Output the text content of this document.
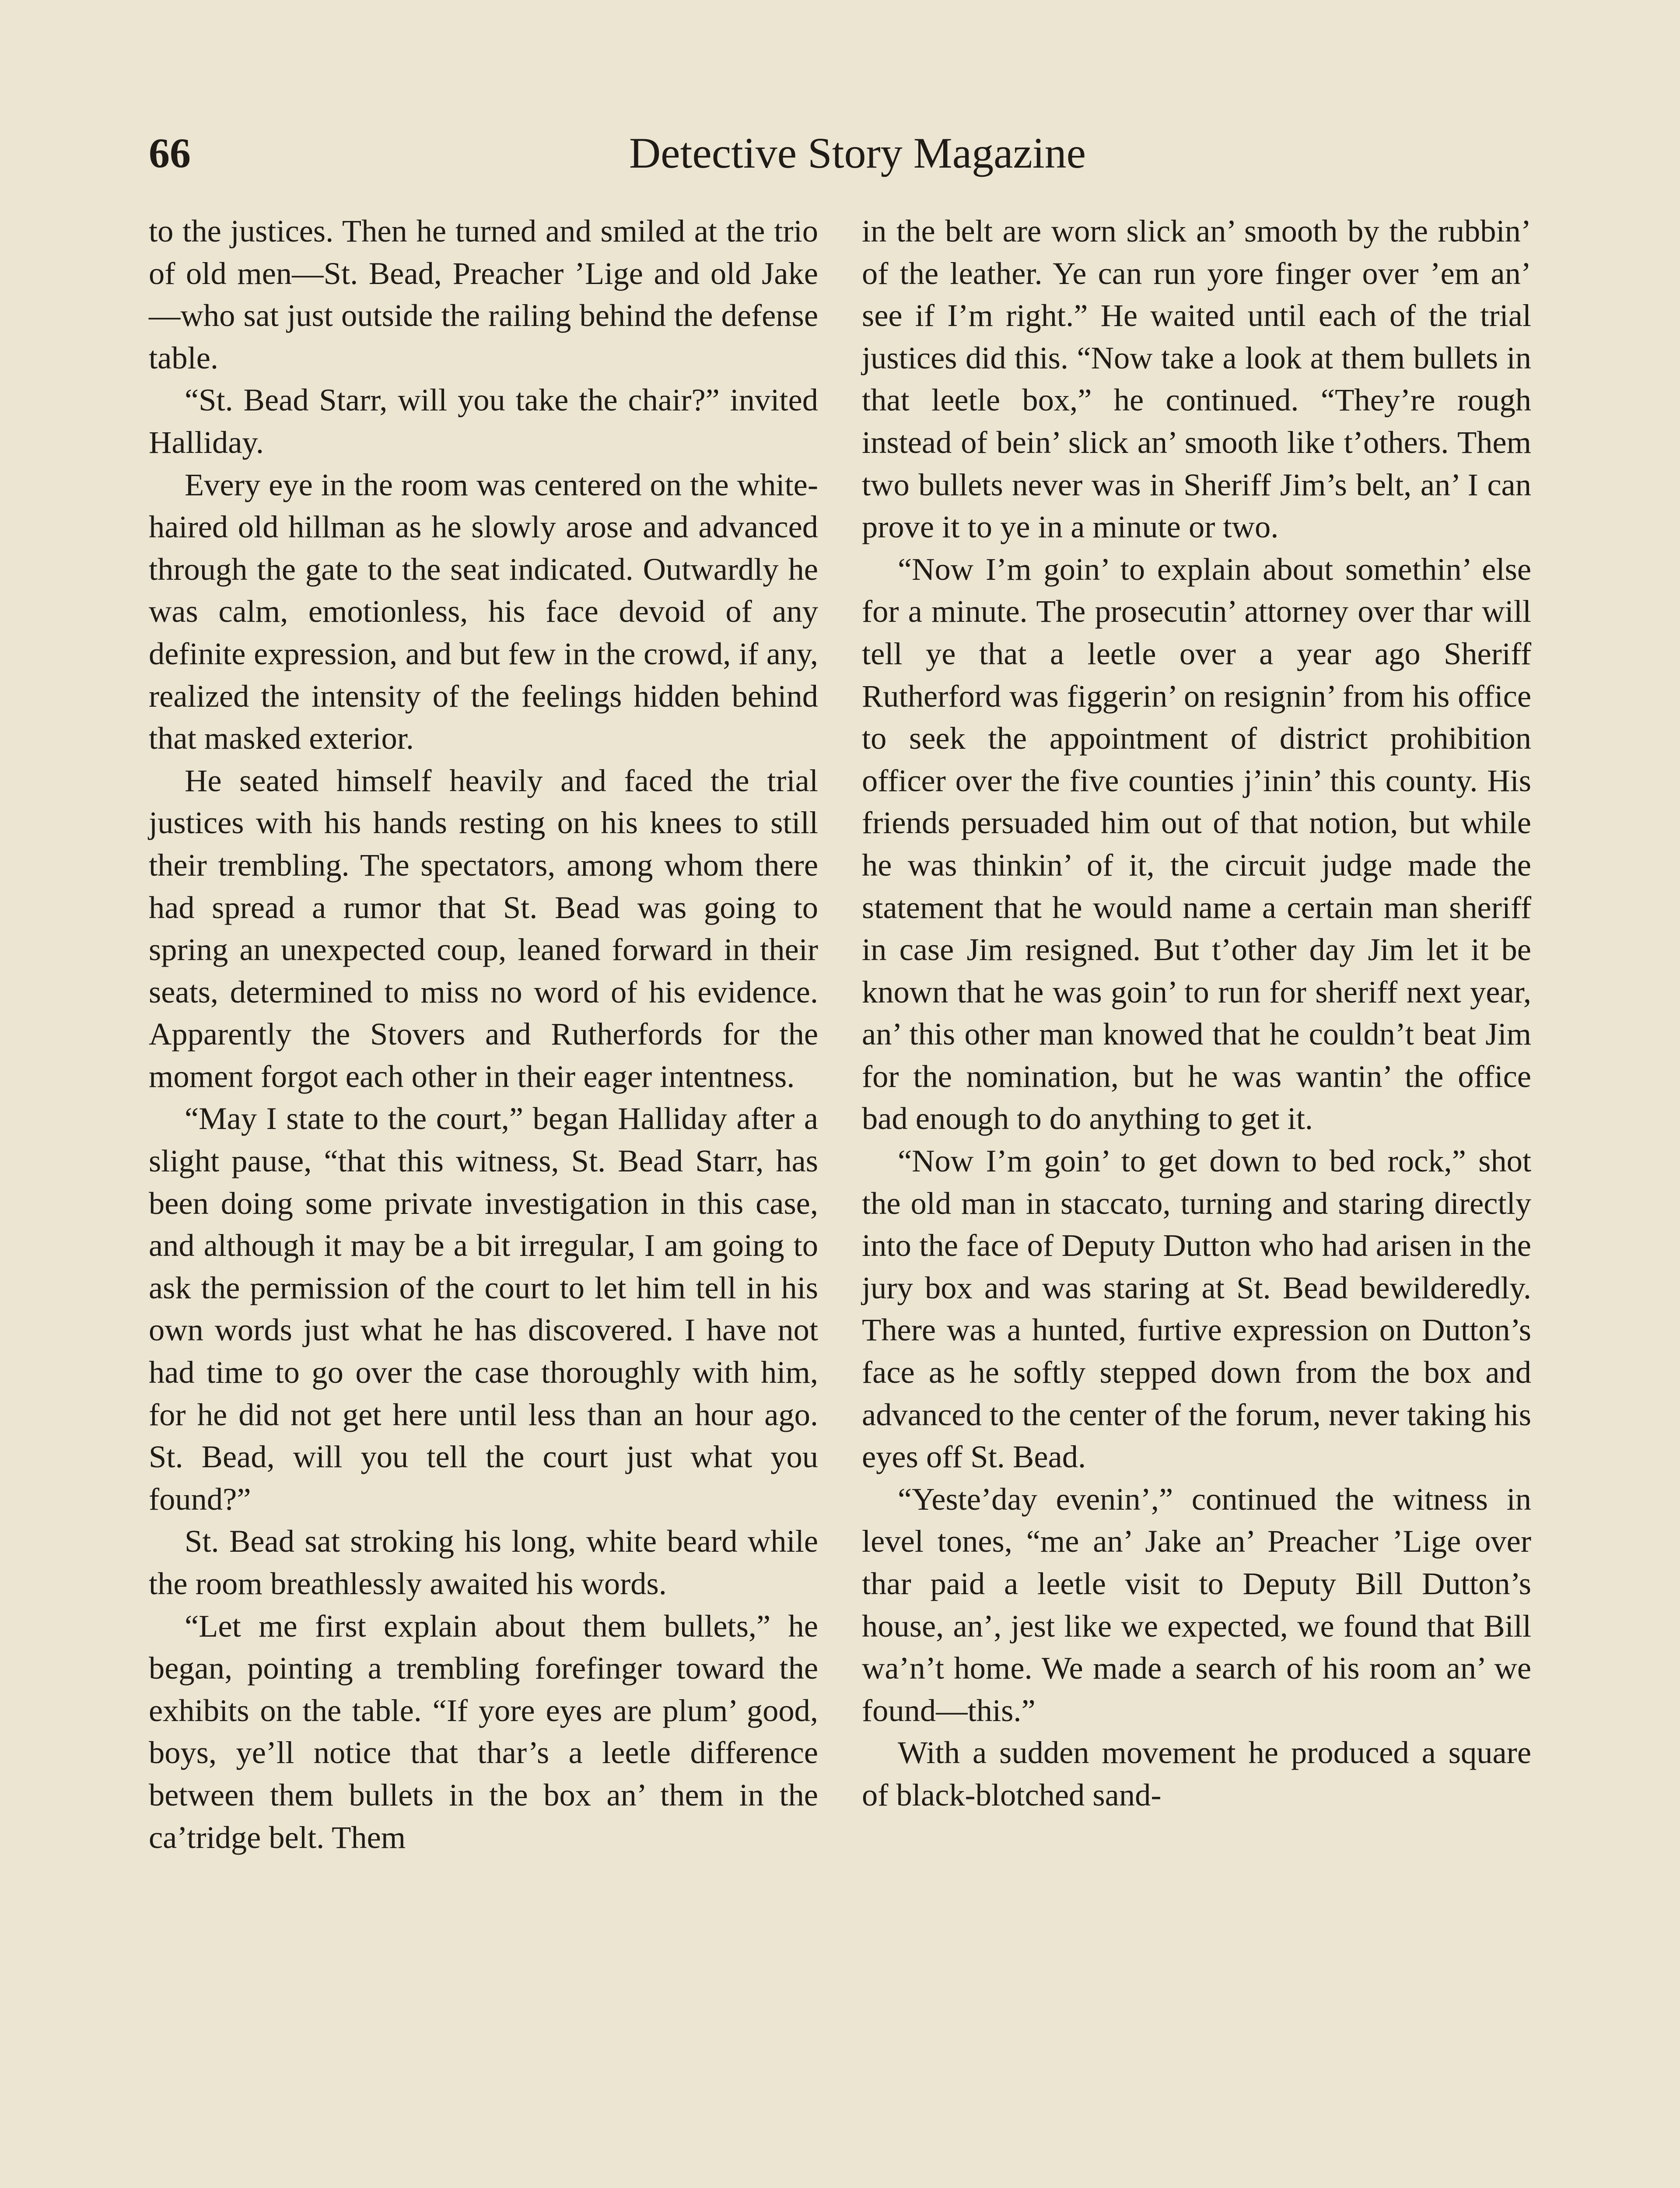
66	Detective Story Magazine

to the justices. Then he turned and smiled at the trio of old men—St. Bead, Preacher ’Lige and old Jake—who sat just outside the railing behind the defense table.

“St. Bead Starr, will you take the chair?” invited Halliday.

Every eye in the room was centered on the white-haired old hillman as he slowly arose and advanced through the gate to the seat indicated. Outwardly he was calm, emotionless, his face devoid of any definite expression, and but few in the crowd, if any, realized the intensity of the feelings hidden behind that masked exterior.

He seated himself heavily and faced the trial justices with his hands resting on his knees to still their trembling. The spectators, among whom there had spread a rumor that St. Bead was going to spring an unexpected coup, leaned forward in their seats, determined to miss no word of his evidence. Apparently the Stovers and Rutherfords for the moment forgot each other in their eager intentness.

“May I state to the court,” began Halliday after a slight pause, “that this witness, St. Bead Starr, has been doing some private investigation in this case, and although it may be a bit irregular, I am going to ask the permission of the court to let him tell in his own words just what he has discovered. I have not had time to go over the case thoroughly with him, for he did not get here until less than an hour ago. St. Bead, will you tell the court just what you found?”

St. Bead sat stroking his long, white beard while the room breathlessly awaited his words.

“Let me first explain about them bullets,” he began, pointing a trembling forefinger toward the exhibits on the table. “If yore eyes are plum’ good, boys, ye’ll notice that thar’s a leetle difference between them bullets in the box an’ them in the ca’tridge belt. Them

in the belt are worn slick an’ smooth by the rubbin’ of the leather. Ye can run yore finger over ’em an’ see if I’m right.” He waited until each of the trial justices did this. “Now take a look at them bullets in that leetle box,” he continued. “They’re rough instead of bein’ slick an’ smooth like t’others. Them two bullets never was in Sheriff Jim’s belt, an’ I can prove it to ye in a minute or two.

“Now I’m goin’ to explain about somethin’ else for a minute. The prosecutin’ attorney over thar will tell ye that a leetle over a year ago Sheriff Rutherford was figgerin’ on resignin’ from his office to seek the appointment of district prohibition officer over the five counties j’inin’ this county. His friends persuaded him out of that notion, but while he was thinkin’ of it, the circuit judge made the statement that he would name a certain man sheriff in case Jim resigned. But t’other day Jim let it be known that he was goin’ to run for sheriff next year, an’ this other man knowed that he couldn’t beat Jim for the nomination, but he was wantin’ the office bad enough to do anything to get it.

“Now I’m goin’ to get down to bed rock,” shot the old man in staccato, turning and staring directly into the face of Deputy Dutton who had arisen in the jury box and was staring at St. Bead bewilderedly. There was a hunted, furtive expression on Dutton’s face as he softly stepped down from the box and advanced to the center of the forum, never taking his eyes off St. Bead.

“Yeste’day evenin’,” continued the witness in level tones, “me an’ Jake an’ Preacher ’Lige over thar paid a leetle visit to Deputy Bill Dutton’s house, an’, jest like we expected, we found that Bill wa’n’t home. We made a search of his room an’ we found—this.”

With a sudden movement he produced a square of black-blotched sand-
